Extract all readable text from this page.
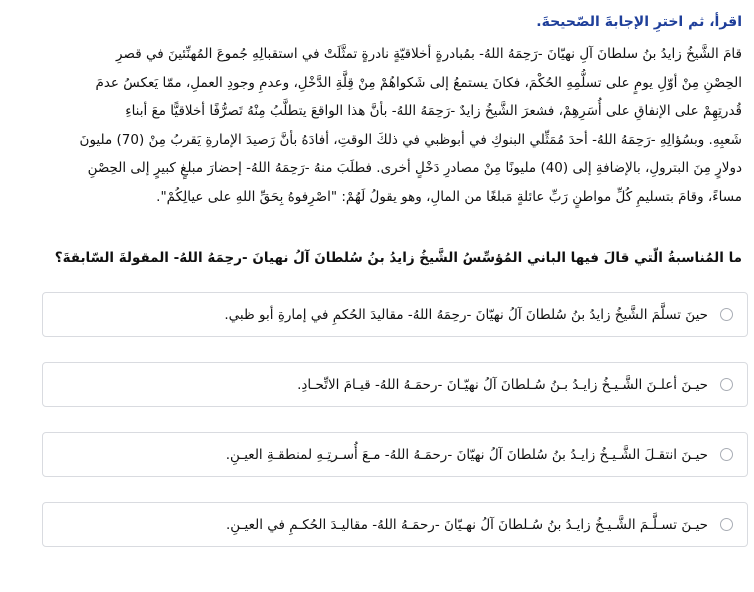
اقرأ، ثم اخترِ الإجابةَ الصّحيحةَ.
قامَ الشَّيخُ زايدُ بنُ سلطانَ آلِ نهيّانَ -رَحِمَهُ اللهُ- بمُبادرةٍ أخلاقيّةٍ نادرةٍ تمثَّلَتْ في استقبالِهِ جُموعَ المُهنِّئينَ في قصرِ
الحِصْنِ مِنْ أوّلِ يومٍ على تسلُّمِهِ الحُكْمَ، فكانَ يستمعُ إلى شَكواهُمْ مِنْ قِلَّةِ الدَّخْلِ، وعدمِ وجودِ العملِ، ممّا يَعكسُ عدمَ
قُدرتِهِمْ على الإنفاقِ على أُسَرِهِمْ، فشعرَ الشَّيخُ زايدٌ -رَحِمَهُ اللهُ- بأنَّ هذا الواقعَ يتطلَّبُ مِنْهُ تَصرُّفًا أخلاقيًّا معَ أبناءِ
شَعبِهِ. وبسُؤالِهِ -رَحِمَهُ اللهُ- أحدَ مُمَثِّلي البنوكِ في أبوظبي في ذلكَ الوقتِ، أفادَهُ بأنَّ رَصيدَ الإمارةِ يَقربُ مِنْ (70) مليونَ
دولارٍ مِنَ البترولِ، بالإضافةِ إلى (40) مليونًا مِنْ مصادرِ دَخْلٍ أخرى. فطلَبَ منهُ -رَحِمَهُ اللهُ- إحضارَ مبلغٍ كبيرٍ إلى الحِصْنِ
مساءً، وقامَ بتسليمِ كُلِّ مواطنٍ رَبِّ عائلةٍ مَبلغًا من المالِ، وهو يقولُ لَهُمْ: "اصْرِفوهُ بِحَقِّ اللهِ على عيالِكُمْ".
ما المُناسبةُ الّتي قالَ فيها الباني المُؤسِّسُ الشَّيخُ زايدُ بنُ سُلطانَ آلُ نهيانَ -رحِمَهُ اللهُ- المقولةَ السّابقةَ؟
حينَ تسلَّمَ الشَّيخُ زايدُ بنُ سُلطانَ آلُ نهيّانَ -رحِمَهُ اللهُ- مقاليدَ الحُكمِ في إمارةِ أبو ظبي.
حيـنَ أعلـنَ الشَّـيـخُ زايـدُ بـنُ سُـلطانَ آلُ نهيّـانَ -رحمَـهُ اللهُ- قيـامَ الاتِّحـادِ.
حيـنَ انتقـلَ الشَّـيـخُ زايـدُ بنُ سُلطانَ آلُ نهيّانَ -رحمَـهُ اللهُ- مـعَ أُسـرتِـهِ لمنطقـةِ العيـنِ.
حيـنَ تسـلَّـمَ الشَّـيـخُ زايـدُ بنُ سُـلطانَ آلُ نهـيّانَ -رحمَـهُ اللهُ- مقاليـدَ الحُكـمِ في العيـنِ.
